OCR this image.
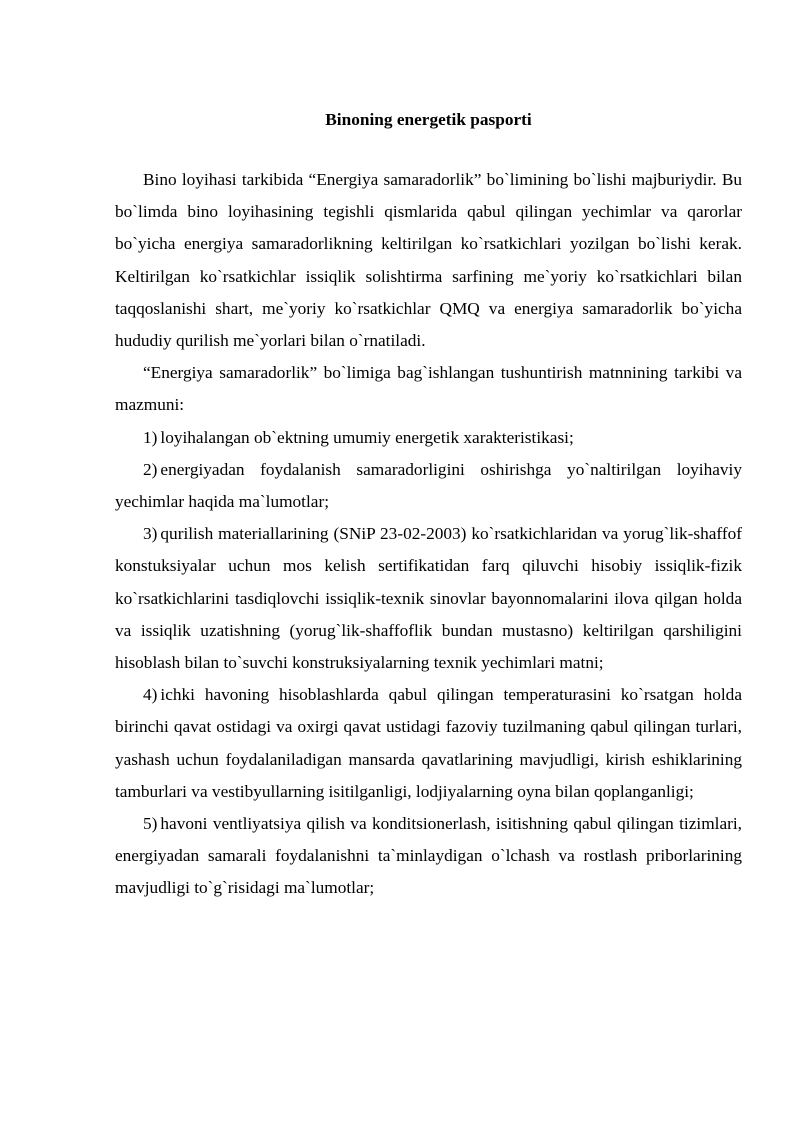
Binoning energetik pasporti

Bino loyihasi tarkibida “Energiya samaradorlik” bo`limining bo`lishi majburiydir. Bu bo`limda bino loyihasining tegishli qismlarida qabul qilingan yechimlar va qarorlar bo`yicha energiya samaradorlikning keltirilgan ko`rsatkichlari yozilgan bo`lishi kerak. Keltirilgan ko`rsatkichlar issiqlik solishtirma sarfining me`yoriy ko`rsatkichlari bilan taqqoslanishi shart, me`yoriy ko`rsatkichlar QMQ va energiya samaradorlik bo`yicha hududiy qurilish me`yorlari bilan o`rnatiladi.

“Energiya samaradorlik” bo`limiga bag`ishlangan tushuntirish matnnining tarkibi va mazmuni:

1) loyihalangan ob`ektning umumiy energetik xarakteristikasi;

2) energiyadan foydalanish samaradorligini oshirishga yo`naltirilgan loyihaviy yechimlar haqida ma`lumotlar;

3) qurilish materiallarining (SNiP 23-02-2003) ko`rsatkichlaridan va yorug`lik-shaffof konstuksiyalar uchun mos kelish sertifikatidan farq qiluvchi hisobiy issiqlik-fizik ko`rsatkichlarini tasdiqlovchi issiqlik-texnik sinovlar bayonnomalarini ilova qilgan holda va issiqlik uzatishning (yorug`lik-shaffoflik bundan mustasno) keltirilgan qarshiligini hisoblash bilan to`suvchi konstruksiyalarning texnik yechimlari matni;

4) ichki havoning hisoblashlarda qabul qilingan temperaturasini ko`rsatgan holda birinchi qavat ostidagi va oxirgi qavat ustidagi fazoviy tuzilmaning qabul qilingan turlari, yashash uchun foydalaniladigan mansarda qavatlarining mavjudligi, kirish eshiklarining tamburlari va vestibyullarning isitilganligi, lodjiyalarning oyna bilan qoplanganligi;

5) havoni ventliyatsiya qilish va konditsionerlash, isitishning qabul qilingan tizimlari, energiyadan samarali foydalanishni ta`minlaydigan o`lchash va rostlash priborlarining mavjudligi to`g`risidagi ma`lumotlar;
